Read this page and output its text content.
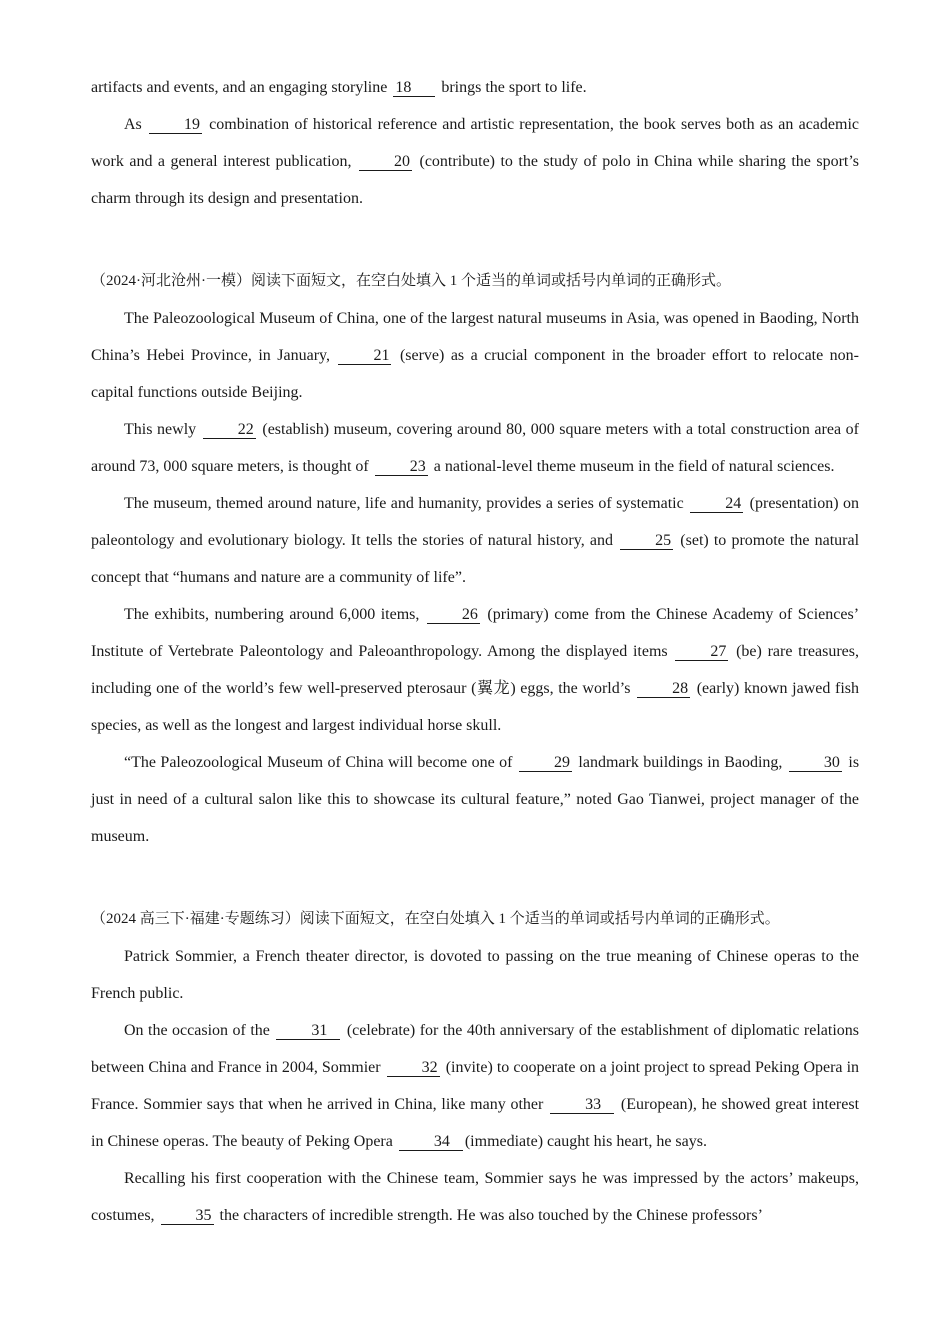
artifacts and events, and an engaging storyline 18 brings the sport to life.

As	19 combination of historical reference and artistic representation, the book serves both as an academic work and a general interest publication,	20 (contribute) to the study of polo in China while sharing the sport’s charm through its design and presentation.

（2024·河北沧州·一模）阅读下面短文，在空白处填入 1 个适当的单词或括号内单词的正确形式。

The Paleozoological Museum of China, one of the largest natural museums in Asia, was opened in Baoding, North China’s Hebei Province, in January,	21 (serve) as a crucial component in the broader effort to relocate non-capital functions outside Beijing.

This newly	22 (establish) museum, covering around 80, 000 square meters with a total construction area of around 73, 000 square meters, is thought of	23 a national-level theme museum in the field of natural sciences.

The museum, themed around nature, life and humanity, provides a series of systematic	24 (presentation) on paleontology and evolutionary biology. It tells the stories of natural history, and	25 (set) to promote the natural concept that “humans and nature are a community of life”.

The exhibits, numbering around 6,000 items,	26 (primary) come from the Chinese Academy of Sciences’ Institute of Vertebrate Paleontology and Paleoanthropology. Among the displayed items	27 (be) rare treasures, including one of the world’s few well-preserved pterosaur (翼龙) eggs, the world’s	28 (early) known jawed fish species, as well as the longest and largest individual horse skull.

“The Paleozoological Museum of China will become one of	29 landmark buildings in Baoding,	30 is just in need of a cultural salon like this to showcase its cultural feature,” noted Gao Tianwei, project manager of the museum.

（2024 高三下·福建·专题练习）阅读下面短文，在空白处填入 1 个适当的单词或括号内单词的正确形式。

Patrick Sommier, a French theater director, is dovoted to passing on the true meaning of Chinese operas to the French public.

On the occasion of the	31 (celebrate) for the 40th anniversary of the establishment of diplomatic relations between China and France in 2004, Sommier	32 (invite) to cooperate on a joint project to spread Peking Opera in France. Sommier says that when he arrived in China, like many other	33 (European), he showed great interest in Chinese operas. The beauty of Peking Opera	34 (immediate) caught his heart, he says.

Recalling his first cooperation with the Chinese team, Sommier says he was impressed by the actors’ makeups, costumes,	35 the characters of incredible strength. He was also touched by the Chinese professors’
